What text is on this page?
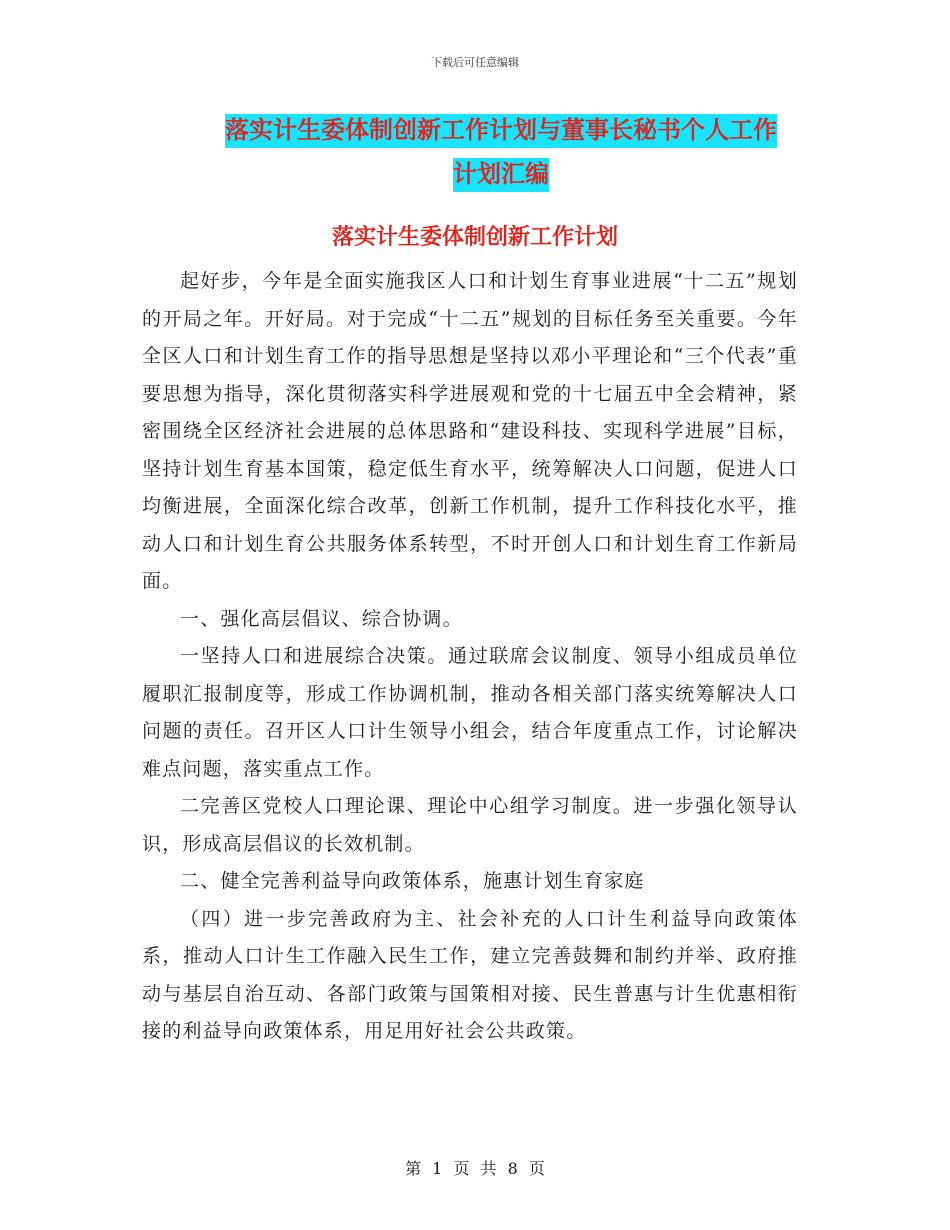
下载后可任意编辑
落实计生委体制创新工作计划与董事长秘书个人工作
计划汇编
落实计生委体制创新工作计划

起好步，今年是全面实施我区人口和计划生育事业进展“十二五”规划的开局之年。开好局。对于完成“十二五”规划的目标任务至关重要。今年全区人口和计划生育工作的指导思想是坚持以邓小平理论和“三个代表”重要思想为指导，深化贯彻落实科学进展观和党的十七届五中全会精神，紧密围绕全区经济社会进展的总体思路和“建设科技、实现科学进展”目标，坚持计划生育基本国策，稳定低生育水平，统筹解决人口问题，促进人口均衡进展，全面深化综合改革，创新工作机制，提升工作科技化水平，推动人口和计划生育公共服务体系转型，不时开创人口和计划生育工作新局面。

一、强化高层倡议、综合协调。

一坚持人口和进展综合决策。通过联席会议制度、领导小组成员单位履职汇报制度等，形成工作协调机制，推动各相关部门落实统筹解决人口问题的责任。召开区人口计生领导小组会，结合年度重点工作，讨论解决难点问题，落实重点工作。

二完善区党校人口理论课、理论中心组学习制度。进一步强化领导认识，形成高层倡议的长效机制。

二、健全完善利益导向政策体系，施惠计划生育家庭

（四）进一步完善政府为主、社会补充的人口计生利益导向政策体系，推动人口计生工作融入民生工作，建立完善鼓舞和制约并举、政府推动与基层自治互动、各部门政策与国策相对接、民生普惠与计生优惠相衔接的利益导向政策体系，用足用好社会公共政策。

第 1 页 共 8 页
